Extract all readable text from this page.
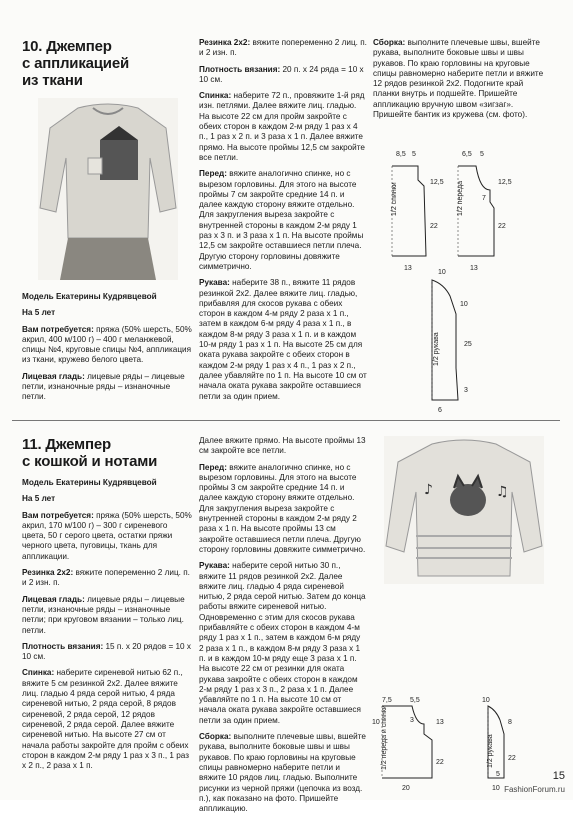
10. Джемпер
с аппликацией
из ткани

Модель Екатерины Кудрявцевой

На 5 лет

Вам потребуется: пряжа (50% шерсть, 50% акрил, 400 м/100 г) – 400 г меланжевой, спицы №4, круговые спицы №4, аппликация из ткани, кружево белого цвета.

Лицевая гладь: лицевые ряды – лицевые петли, изнаночные ряды – изнаночные петли.

Резинка 2х2: вяжите попеременно 2 лиц. п. и 2 изн. п.

Плотность вязания: 20 п. х 24 ряда = 10 х 10 см.

Спинка: наберите 72 п., провяжите 1-й ряд изн. петлями. Далее вяжите лиц. гладью. На высоте 22 см для пройм закройте с обеих сторон в каждом 2-м ряду 1 раз х 4 п., 1 раз х 2 п. и 3 раза х 1 п. Далее вяжите прямо. На высоте проймы 12,5 см закройте все петли.

Перед: вяжите аналогично спинке, но с вырезом горловины. Для этого на высоте проймы 7 см закройте средние 14 п. и далее каждую сторону вяжите отдельно. Для закругления выреза закройте с внутренней стороны в каждом 2-м ряду 1 раз х 3 п. и 3 раза х 1 п. На высоте проймы 12,5 см закройте оставшиеся петли плеча. Другую сторону горловины довяжите симметрично.

Рукава: наберите 38 п., вяжите 11 рядов резинкой 2х2. Далее вяжите лиц. гладью, прибавляя для скосов рукава с обеих сторон в каждом 4-м ряду 2 раза х 1 п., затем в каждом 6-м ряду 4 раза х 1 п., в каждом 8-м ряду 3 раза х 1 п. и в каждом 10-м ряду 1 раз х 1 п. На высоте 25 см для оката рукава закройте с обеих сторон в каждом 2-м ряду 1 раз х 4 п., 1 раз х 2 п., далее убавляйте по 1 п. На высоте 10 см от начала оката рукава закройте оставшиеся петли за один прием.

Сборка: выполните плечевые швы, вшейте рукава, выполните боковые швы и швы рукавов. По краю горловины на круговые спицы равномерно наберите петли и вяжите 12 рядов резинкой 2х2. Подогните край планки внутрь и подшейте. Пришейте аппликацию вручную швом «зигзаг». Пришейте бантик из кружева (см. фото).

1/2 спинки	1/2 переда
1/2 рукава
8,5	6,5
5	5
12,5	12,5
7
22	22
13	13
10
10
25
3
6
11. Джемпер
с кошкой и нотами

Модель Екатерины Кудрявцевой

На 5 лет

Вам потребуется: пряжа (50% шерсть, 50% акрил, 170 м/100 г) – 300 г сиреневого цвета, 50 г серого цвета, остатки пряжи черного цвета, пуговицы, ткань для аппликации.

Резинка 2х2: вяжите попеременно 2 лиц. п. и 2 изн. п.

Лицевая гладь: лицевые ряды – лицевые петли, изнаночные ряды – изнаночные петли; при круговом вязании – только лиц. петли.

Плотность вязания: 15 п. х 20 рядов = 10 х 10 см.

Спинка: наберите сиреневой нитью 62 п., вяжите 5 см резинкой 2х2. Далее вяжите лиц. гладью 4 ряда серой нитью, 4 ряда сиреневой нитью, 2 ряда серой, 8 рядов сиреневой, 2 ряда серой, 12 рядов сиреневой, 2 ряда серой. Далее вяжите сиреневой нитью. На высоте 27 см от начала работы закройте для пройм с обеих сторон в каждом 2-м ряду 1 раз х 3 п., 1 раз х 2 п., 2 раза х 1 п.

Далее вяжите прямо. На высоте проймы 13 см закройте все петли.

Перед: вяжите аналогично спинке, но с вырезом горловины. Для этого на высоте проймы 3 см закройте средние 14 п. и далее каждую сторону вяжите отдельно. Для закругления выреза закройте с внутренней стороны в каждом 2-м ряду 2 раза х 1 п. На высоте проймы 13 см закройте оставшиеся петли плеча. Другую сторону горловины довяжите симметрично.

Рукава: наберите серой нитью 30 п., вяжите 11 рядов резинкой 2х2. Далее вяжите лиц. гладью 4 ряда сиреневой нитью, 2 ряда серой нитью. Затем до конца работы вяжите сиреневой нитью. Одновременно с этим для скосов рукава прибавляйте с обеих сторон в каждом 4-м ряду 1 раз х 1 п., затем в каждом 6-м ряду 2 раза х 1 п., в каждом 8-м ряду 3 раза х 1 п. и в каждом 10-м ряду еще 3 раза х 1 п. На высоте 22 см от резинки для оката рукава закройте с обеих сторон в каждом 2-м ряду 1 раз х 3 п., 2 раза х 1 п. Далее убавляйте по 1 п. На высоте 10 см от начала оката рукава закройте оставшиеся петли за один прием.

Сборка: выполните плечевые швы, вшейте рукава, выполните боковые швы и швы рукавов. По краю горловины на круговые спицы равномерно наберите петли и вяжите 10 рядов лиц. гладью. Выполните рисунки из черной пряжи (цепочка из возд. п.), как показано на фото. Пришейте аппликацию.

♪	♫
7,5	5,5
10	13
3
22
20
1/2 переда и спинки
10
8
22
5
1/2 рукава
10
15
FashionForum.ru
